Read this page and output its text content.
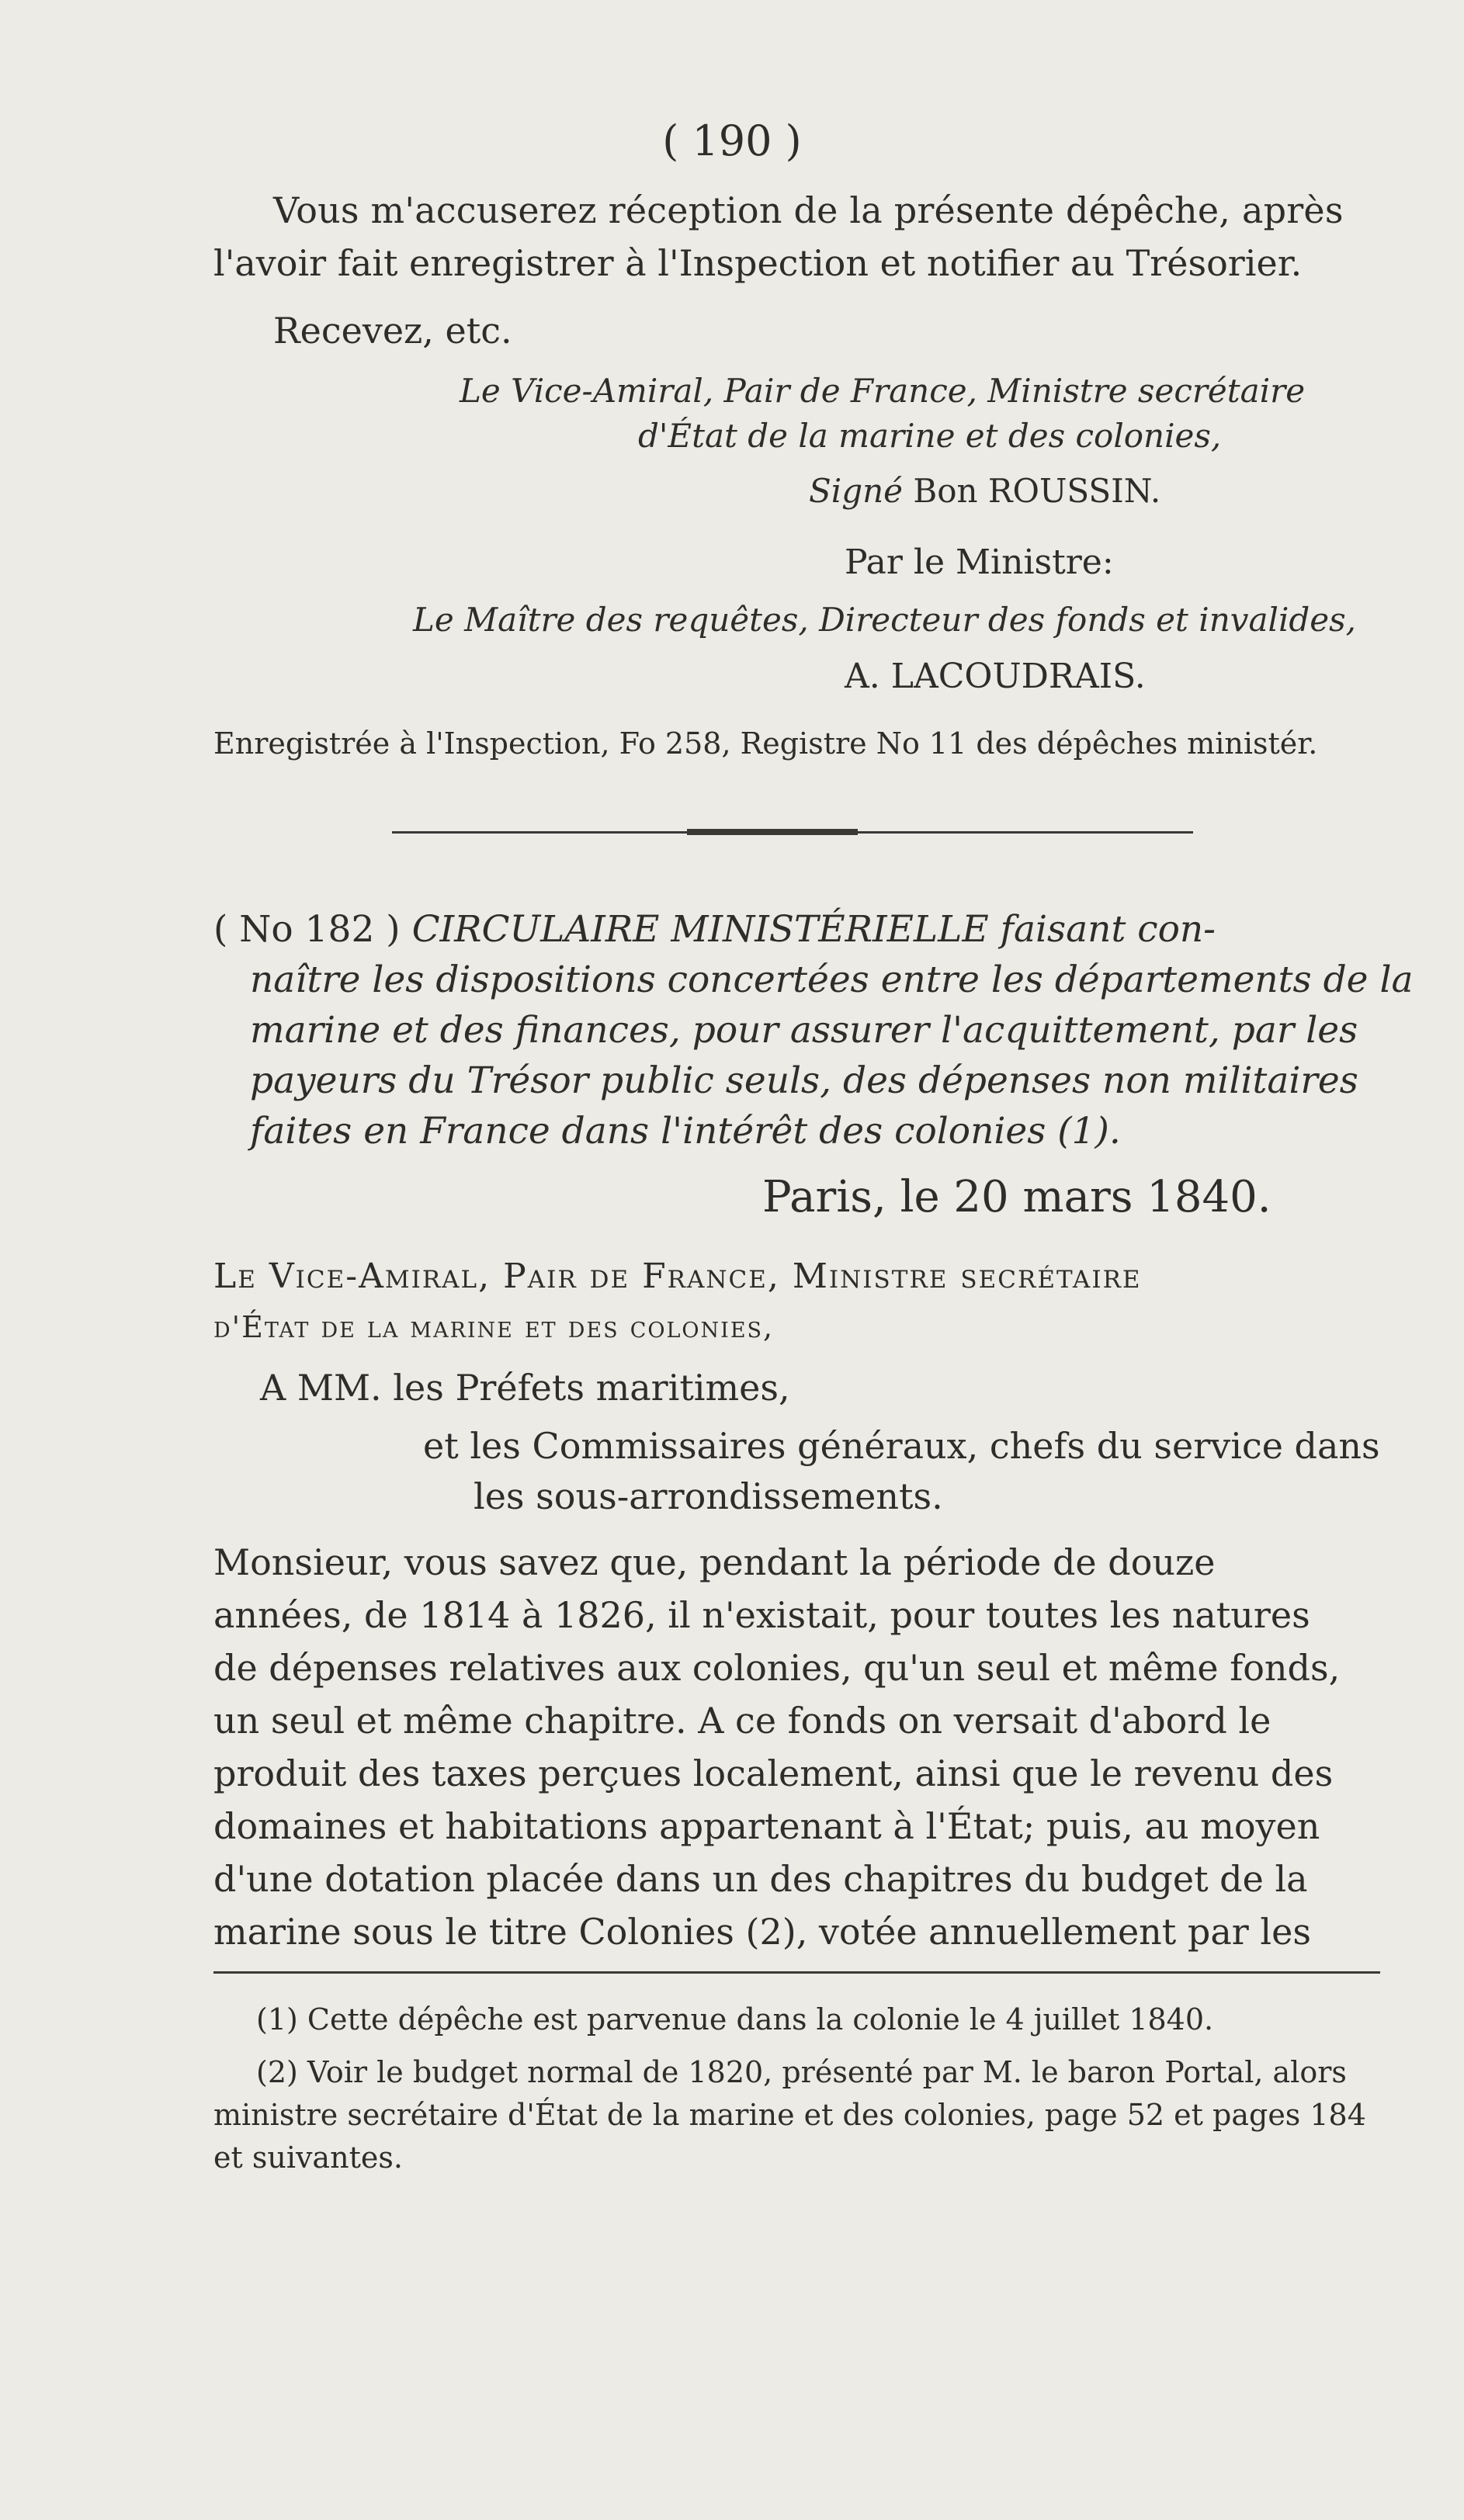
( 190 )
Vous m'accuserez réception de la présente dépêche, après
l'avoir fait enregistrer à l'Inspection et notifier au Trésorier.
Recevez, etc.
Le Vice-Amiral, Pair de France, Ministre secrétaire
d'État de la marine et des colonies,
Signé Bon ROUSSIN.
Par le Ministre:
Le Maître des requêtes, Directeur des fonds et invalides,
A. LACOUDRAIS.
Enregistrée à l'Inspection, Fo 258, Registre No 11 des dépêches ministér.
( No 182 ) CIRCULAIRE MINISTÉRIELLE faisant con-
naître les dispositions concertées entre les départements de la
marine et des finances, pour assurer l'acquittement, par les
payeurs du Trésor public seuls, des dépenses non militaires
faites en France dans l'intérêt des colonies (1).
Paris, le 20 mars 1840.
Le Vice-Amiral, Pair de France, Ministre secrétaire
d'État de la marine et des colonies,
A MM. les Préfets maritimes,
et les Commissaires généraux, chefs du service dans
les sous-arrondissements.
Monsieur, vous savez que, pendant la période de douze
années, de 1814 à 1826, il n'existait, pour toutes les natures
de dépenses relatives aux colonies, qu'un seul et même fonds,
un seul et même chapitre. A ce fonds on versait d'abord le
produit des taxes perçues localement, ainsi que le revenu des
domaines et habitations appartenant à l'État; puis, au moyen
d'une dotation placée dans un des chapitres du budget de la
marine sous le titre Colonies (2), votée annuellement par les
(1) Cette dépêche est parvenue dans la colonie le 4 juillet 1840.
(2) Voir le budget normal de 1820, présenté par M. le baron Portal, alors
ministre secrétaire d'État de la marine et des colonies, page 52 et pages 184
et suivantes.
